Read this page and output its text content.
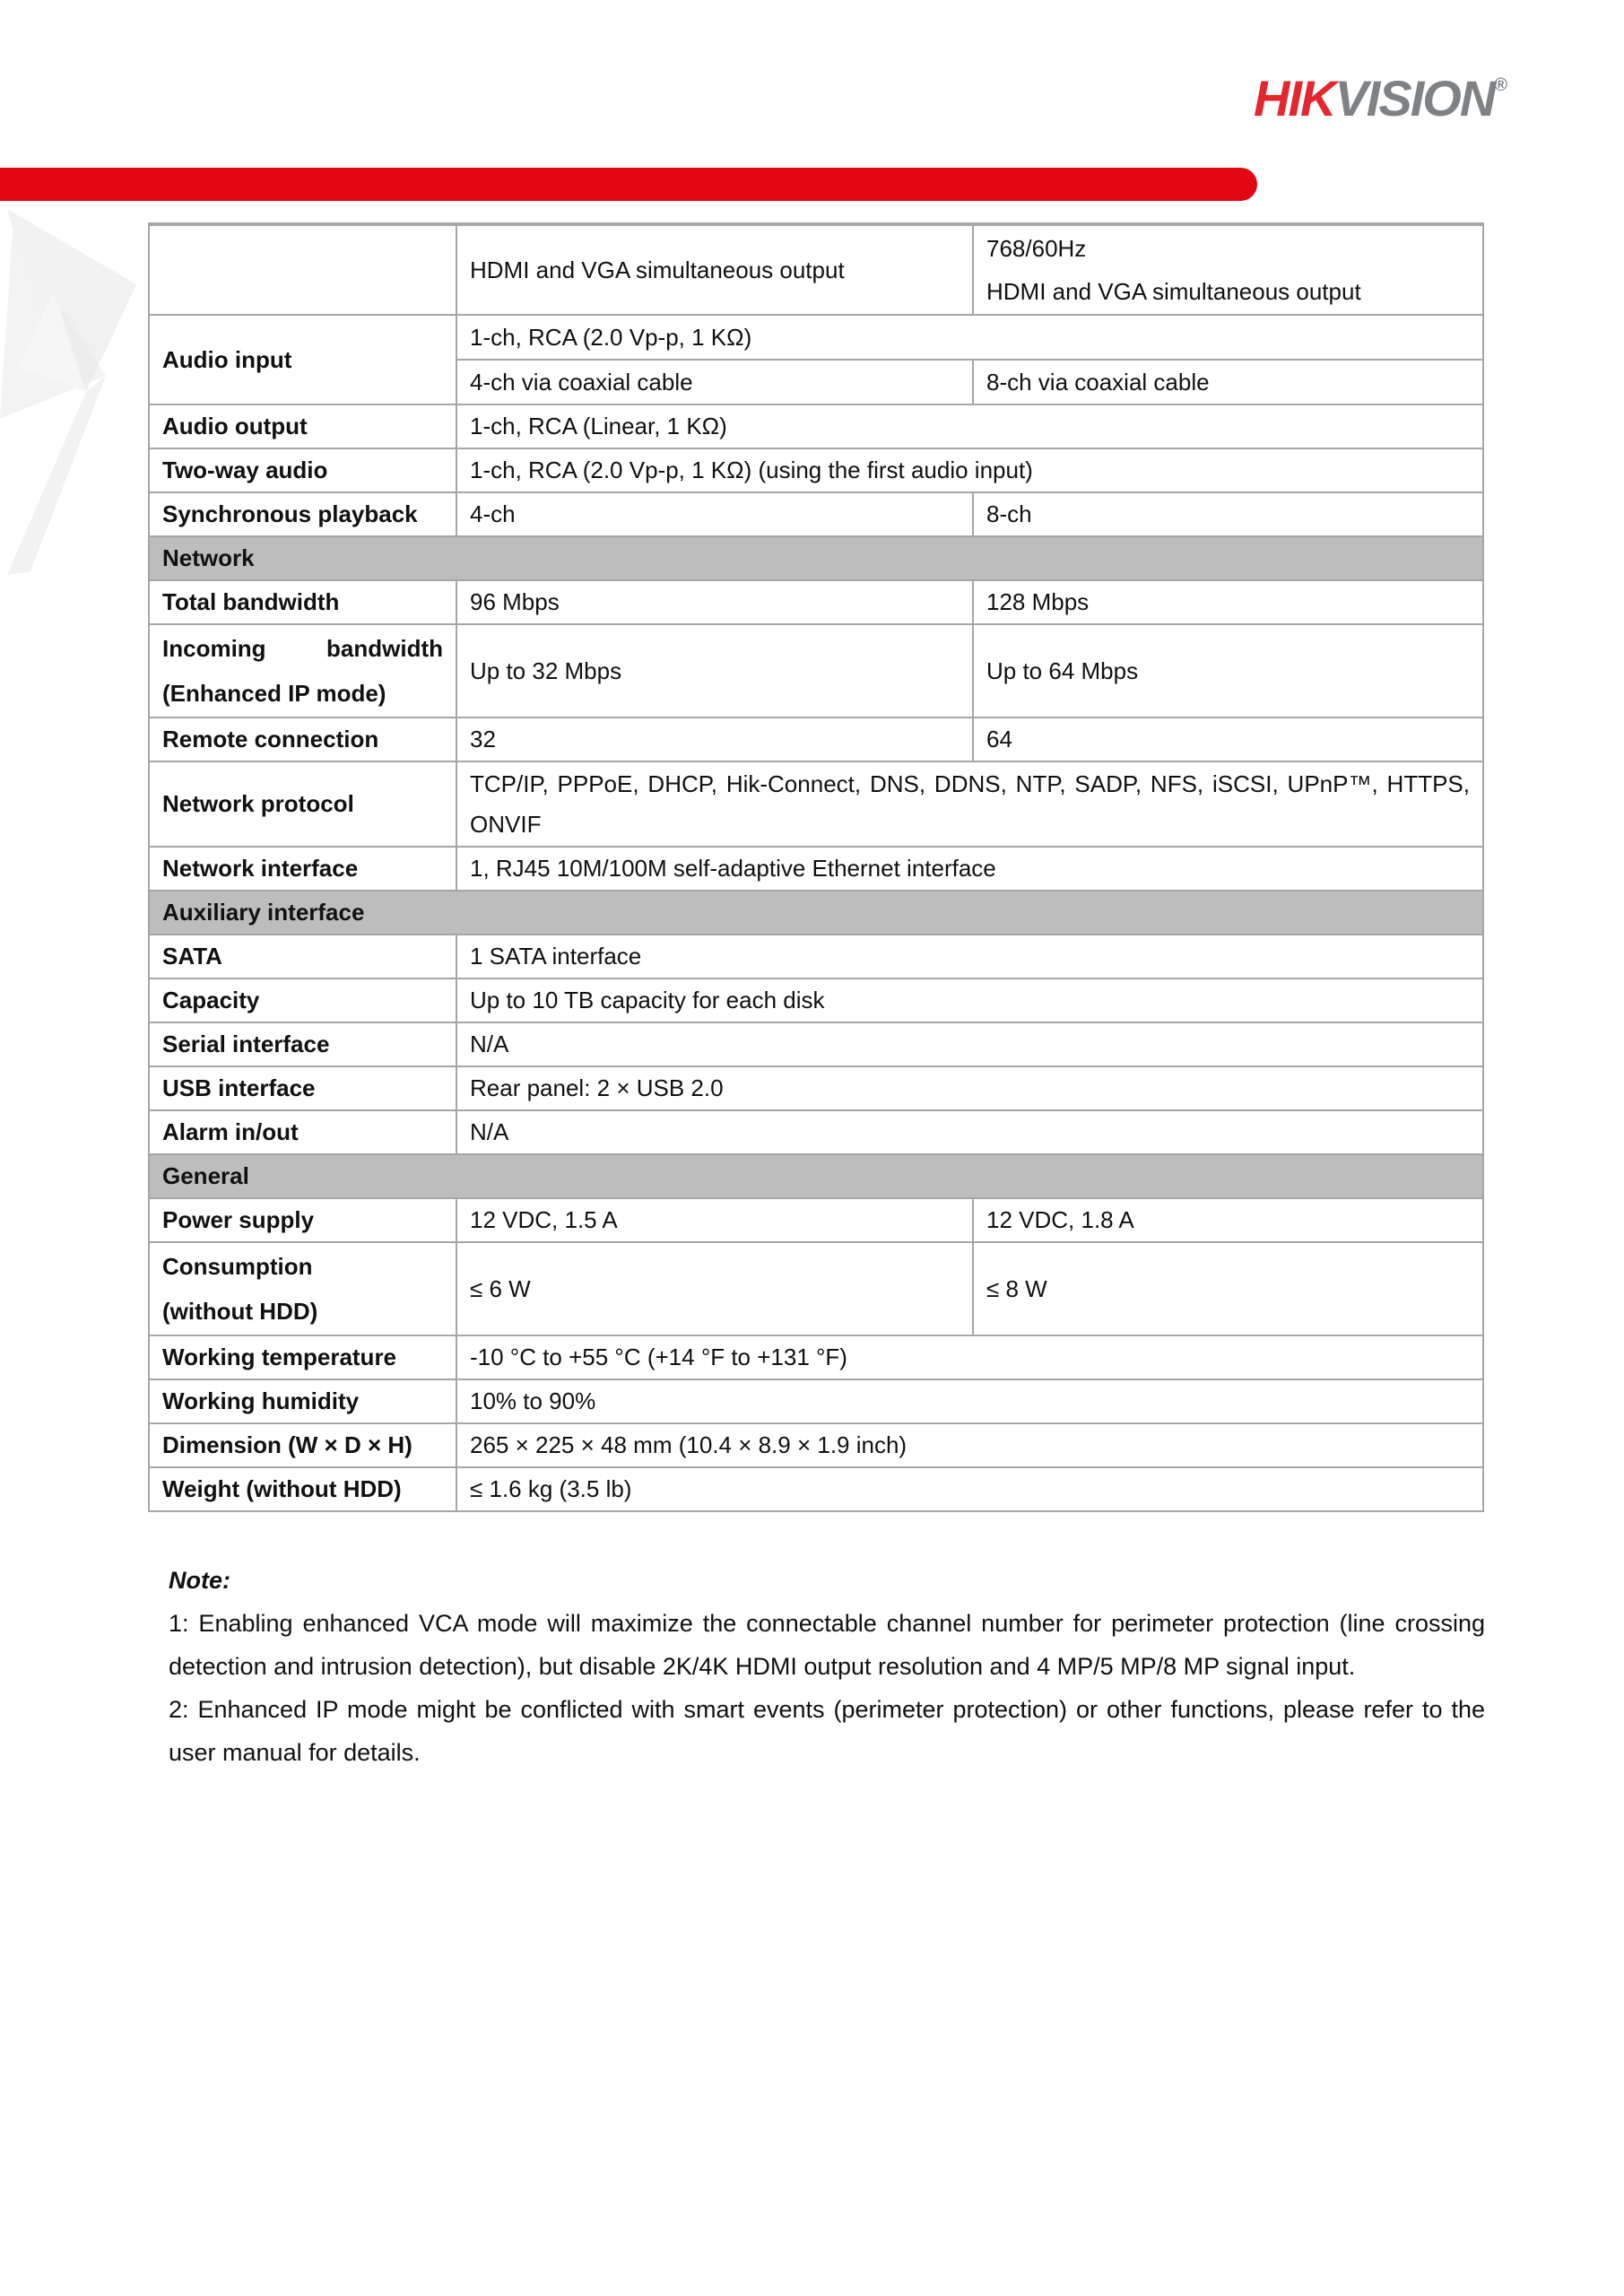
HIKVISION®
	HDMI and VGA simultaneous output	768/60Hz
HDMI and VGA simultaneous output

Audio input	1-ch, RCA (2.0 Vp-p, 1 KΩ)	
	4-ch via coaxial cable	8-ch via coaxial cable
Audio output	1-ch, RCA (Linear, 1 KΩ)	
Two-way audio	1-ch, RCA (2.0 Vp-p, 1 KΩ) (using the first audio input)	
Synchronous playback	4-ch	8-ch
Network		
Total bandwidth	96 Mbps	128 Mbps

Incoming bandwidth
(Enhanced IP mode)	Up to 32 Mbps	Up to 64 Mbps
Remote connection	32	64
Network protocol	TCP/IP, PPPoE, DHCP, Hik-Connect, DNS, DDNS, NTP, SADP, NFS, iSCSI, UPnP™, HTTPS, ONVIF	
Network interface	1, RJ45 10M/100M self-adaptive Ethernet interface	
Auxiliary interface		
SATA	1 SATA interface	
Capacity	Up to 10 TB capacity for each disk	
Serial interface	N/A	
USB interface	Rear panel: 2 × USB 2.0	
Alarm in/out	N/A	
General		
Power supply	12 VDC, 1.5 A	12 VDC, 1.8 A

Consumption
(without HDD)	≤ 6 W	≤ 8 W
Working temperature	-10 °C to +55 °C (+14 °F to +131 °F)	
Working humidity	10% to 90%	
Dimension (W × D × H)	265 × 225 × 48 mm (10.4 × 8.9 × 1.9 inch)	
Weight (without HDD)	≤ 1.6 kg (3.5 lb)	

Note:

1: Enabling enhanced VCA mode will maximize the connectable channel number for perimeter protection (line crossing detection and intrusion detection), but disable 2K/4K HDMI output resolution and 4 MP/5 MP/8 MP signal input.

2: Enhanced IP mode might be conflicted with smart events (perimeter protection) or other functions, please refer to the user manual for details.
